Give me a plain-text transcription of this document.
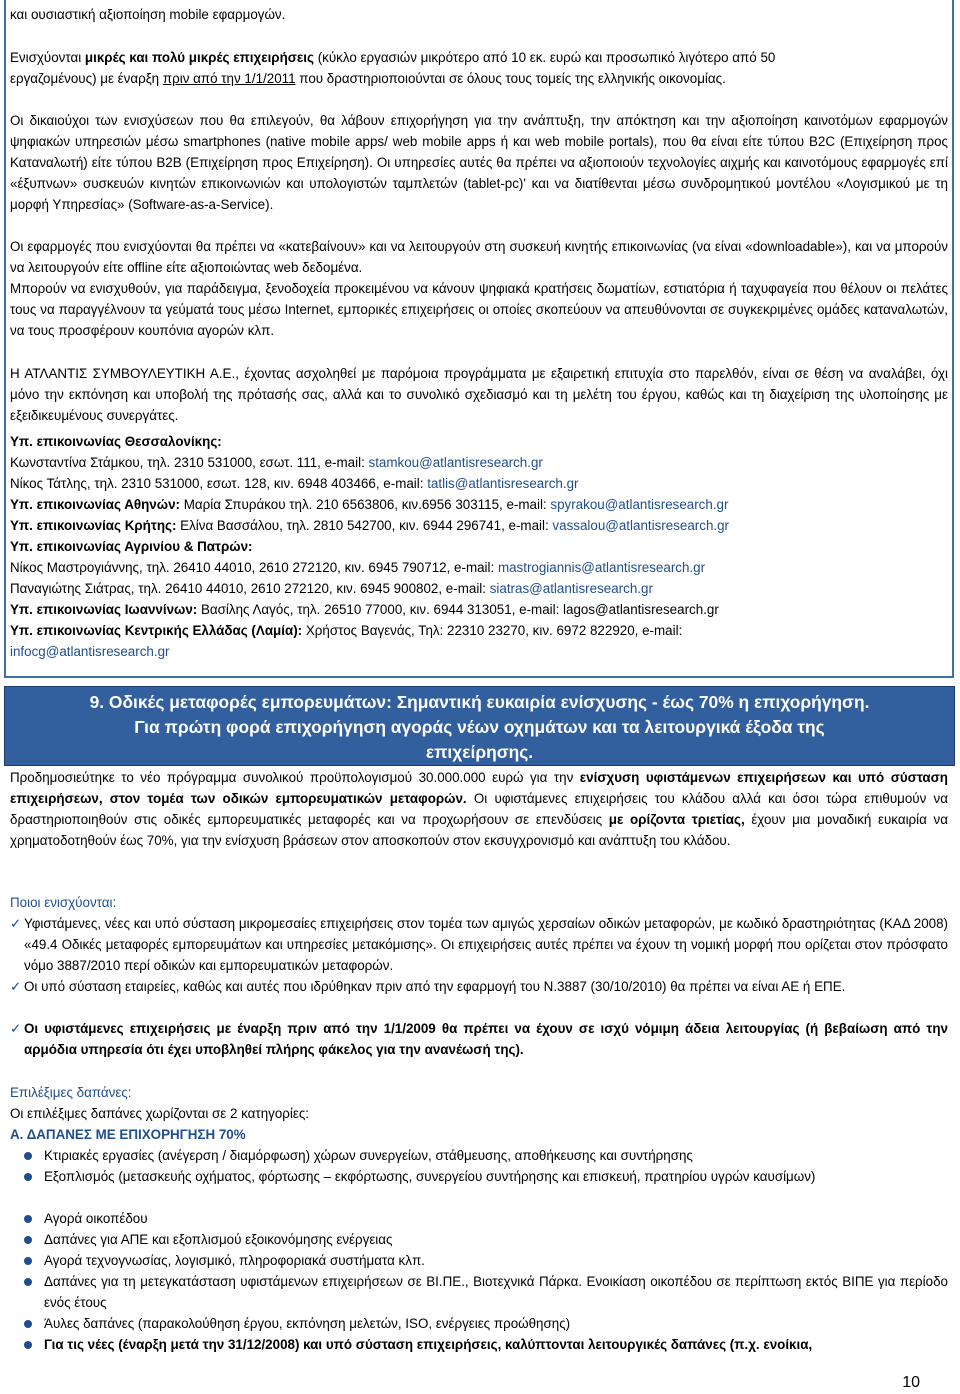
και ουσιαστική αξιοποίηση mobile εφαρμογών.

Ενισχύονται μικρές και πολύ μικρές επιχειρήσεις (κύκλο εργασιών μικρότερο από 10 εκ. ευρώ και προσωπικό λιγότερο από 50
εργαζομένους) με έναρξη πριν από την 1/1/2011 που δραστηριοποιούνται σε όλους τους τομείς της ελληνικής οικονομίας.

Οι δικαιούχοι των ενισχύσεων που θα επιλεγούν, θα λάβουν επιχορήγηση για την ανάπτυξη, την απόκτηση και την αξιοποίηση καινοτόμων εφαρμογών ψηφιακών υπηρεσιών μέσω smartphones (native mobile apps/ web mobile apps ή και web mobile portals), που θα είναι είτε τύπου B2C (Επιχείρηση προς Καταναλωτή) είτε τύπου B2B (Επιχείρηση προς Επιχείρηση). Οι υπηρεσίες αυτές θα πρέπει να αξιοποιούν τεχνολογίες αιχμής και καινοτόμους εφαρμογές επί «έξυπνων» συσκευών κινητών επικοινωνιών και υπολογιστών ταμπλετών (tablet-pc)' και να διατίθενται μέσω συνδρομητικού μοντέλου «Λογισμικού με τη μορφή Υπηρεσίας» (Software-as-a-Service).

Οι εφαρμογές που ενισχύονται θα πρέπει να «κατεβαίνουν» και να λειτουργούν στη συσκευή κινητής επικοινωνίας (να είναι «downloadable»), και να μπορούν να λειτουργούν είτε offline είτε αξιοποιώντας web δεδομένα.

Μπορούν να ενισχυθούν, για παράδειγμα, ξενοδοχεία προκειμένου να κάνουν ψηφιακά κρατήσεις δωματίων, εστιατόρια ή ταχυφαγεία που θέλουν οι πελάτες τους να παραγγέλνουν τα γεύματά τους μέσω Internet, εμπορικές επιχειρήσεις οι οποίες σκοπεύουν να απευθύνονται σε συγκεκριμένες ομάδες καταναλωτών, να τους προσφέρουν κουπόνια αγορών κλπ.

Η ΑΤΛΑΝΤΙΣ ΣΥΜΒΟΥΛΕΥΤΙΚΗ Α.Ε., έχοντας ασχοληθεί με παρόμοια προγράμματα με εξαιρετική επιτυχία στο παρελθόν, είναι σε θέση να αναλάβει, όχι μόνο την εκπόνηση και υποβολή της πρότασής σας, αλλά και το συνολικό σχεδιασμό και τη μελέτη του έργου, καθώς και τη διαχείριση της υλοποίησης με εξειδικευμένους συνεργάτες.

Υπ. επικοινωνίας Θεσσαλονίκης:
Κωνσταντίνα Στάμκου, τηλ. 2310 531000, εσωτ. 111, e-mail: stamkou@atlantisresearch.gr
Νίκος Τάτλης, τηλ. 2310 531000, εσωτ. 128, κιν. 6948 403466, e-mail: tatlis@atlantisresearch.gr
Υπ. επικοινωνίας Αθηνών: Μαρία Σπυράκου τηλ. 210 6563806, κιν.6956 303115, e-mail: spyrakou@atlantisresearch.gr
Υπ. επικοινωνίας Κρήτης: Ελίνα Βασσάλου, τηλ. 2810 542700, κιν. 6944 296741, e-mail: vassalou@atlantisresearch.gr
Υπ. επικοινωνίας Αγρινίου & Πατρών:
Νίκος Μαστρογιάννης, τηλ. 26410 44010, 2610 272120, κιν. 6945 790712, e-mail: mastrogiannis@atlantisresearch.gr
Παναγιώτης Σιάτρας, τηλ. 26410 44010, 2610 272120, κιν. 6945 900802, e-mail: siatras@atlantisresearch.gr
Υπ. επικοινωνίας Ιωαννίνων: Βασίλης Λαγός, τηλ. 26510 77000, κιν. 6944 313051, e-mail: lagos@atlantisresearch.gr
Υπ. επικοινωνίας Κεντρικής Ελλάδας (Λαμία): Χρήστος Βαγενάς, Τηλ: 22310 23270, κιν. 6972 822920, e-mail:
infocg@atlantisresearch.gr

9. Οδικές μεταφορές εμπορευμάτων: Σημαντική ευκαιρία ενίσχυσης - έως 70% η επιχορήγηση.
Για πρώτη φορά επιχορήγηση αγοράς νέων οχημάτων και τα λειτουργικά έξοδα της
επιχείρησης.

Προδημοσιεύτηκε το νέο πρόγραμμα συνολικού προϋπολογισμού 30.000.000 ευρώ για την ενίσχυση υφιστάμενων επιχειρήσεων και υπό σύσταση επιχειρήσεων, στον τομέα των οδικών εμπορευματικών μεταφορών. Οι υφιστάμενες επιχειρήσεις του κλάδου αλλά και όσοι τώρα επιθυμούν να δραστηριοποιηθούν στις οδικές εμπορευματικές μεταφορές και να προχωρήσουν σε επενδύσεις με ορίζοντα τριετίας, έχουν μια μοναδική ευκαιρία να χρηματοδοτηθούν έως 70%, για την ενίσχυση βράσεων στον αποσκοπούν στον εκσυγχρονισμό και ανάπτυξη του κλάδου.

Ποιοι ενισχύονται:

✓ Υφιστάμενες, νέες και υπό σύσταση μικρομεσαίες επιχειρήσεις στον τομέα των αμιγώς χερσαίων οδικών μεταφορών, με κωδικό δραστηριότητας (ΚΑΔ 2008) «49.4 Οδικές μεταφορές εμπορευμάτων και υπηρεσίες μετακόμισης». Οι επιχειρήσεις αυτές πρέπει να έχουν τη νομική μορφή που ορίζεται στον πρόσφατο νόμο 3887/2010 περί οδικών και εμπορευματικών μεταφορών.
✓ Οι υπό σύσταση εταιρείες, καθώς και αυτές που ιδρύθηκαν πριν από την εφαρμογή του Ν.3887 (30/10/2010) θα πρέπει να είναι ΑΕ ή ΕΠΕ.
✓ Οι υφιστάμενες επιχειρήσεις με έναρξη πριν από την 1/1/2009 θα πρέπει να έχουν σε ισχύ νόμιμη άδεια λειτουργίας (ή βεβαίωση από την αρμόδια υπηρεσία ότι έχει υποβληθεί πλήρης φάκελος για την ανανέωσή της).

Επιλέξιμες δαπάνες:

Οι επιλέξιμες δαπάνες χωρίζονται σε 2 κατηγορίες:

Α. ΔΑΠΑΝΕΣ ΜΕ ΕΠΙΧΟΡΗΓΗΣΗ 70%

Κτιριακές εργασίες (ανέγερση / διαμόρφωση) χώρων συνεργείων, στάθμευσης, αποθήκευσης και συντήρησης
Εξοπλισμός (μετασκευής οχήματος, φόρτωσης – εκφόρτωσης, συνεργείου συντήρησης και επισκευή, πρατηρίου υγρών καυσίμων)
Αγορά οικοπέδου
Δαπάνες για ΑΠΕ και εξοπλισμού εξοικονόμησης ενέργειας
Αγορά τεχνογνωσίας, λογισμικό, πληροφοριακά συστήματα κλπ.
Δαπάνες για τη μετεγκατάσταση υφιστάμενων επιχειρήσεων σε ΒΙ.ΠΕ., Βιοτεχνικά Πάρκα. Ενοικίαση οικοπέδου σε περίπτωση εκτός ΒΙΠΕ για περίοδο ενός έτους
Άυλες δαπάνες (παρακολούθηση έργου, εκπόνηση μελετών, ISO, ενέργειες προώθησης)
Για τις νέες (έναρξη μετά την 31/12/2008) και υπό σύσταση επιχειρήσεις, καλύπτονται λειτουργικές δαπάνες (π.χ. ενοίκια,
10
